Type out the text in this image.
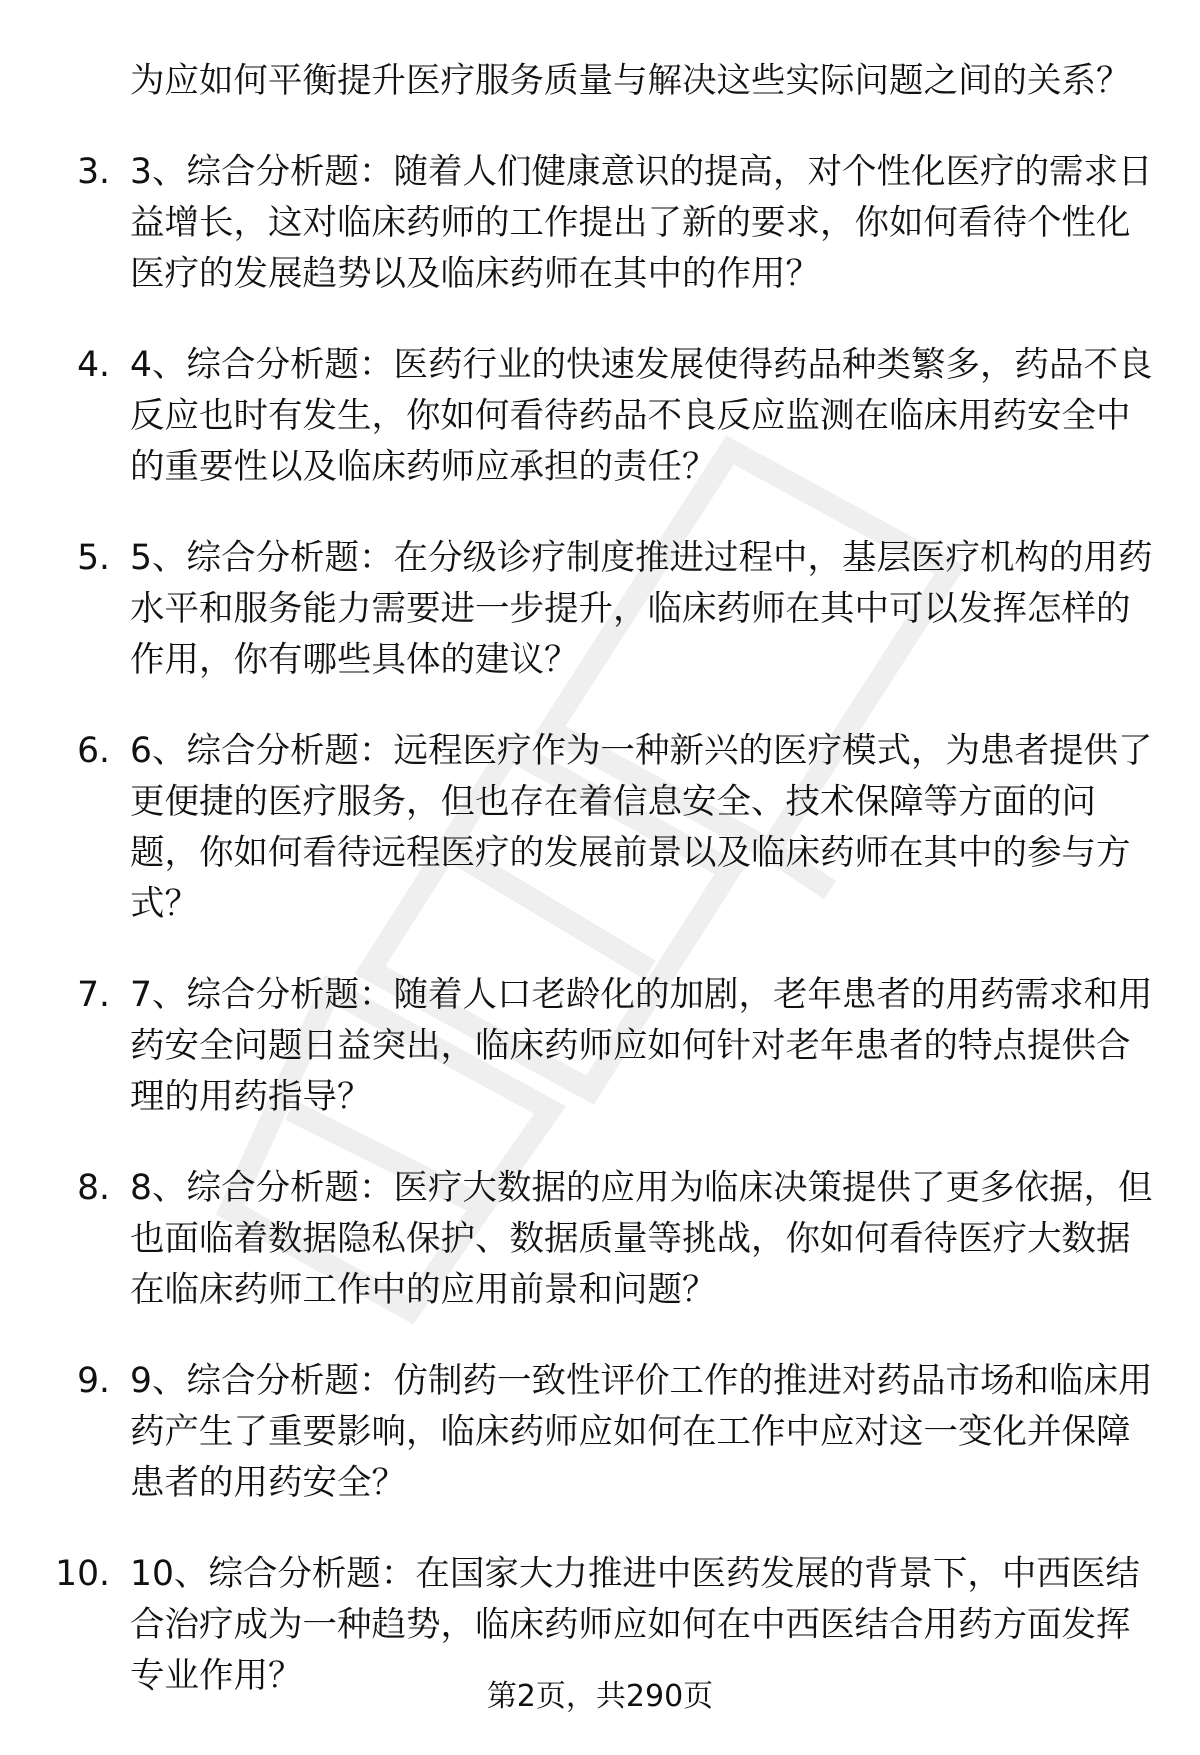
为应如何平衡提升医疗服务质量与解决这些实际问题之间的关系？
3. 3、综合分析题：随着人们健康意识的提高，对个性化医疗的需求日益增长，这对临床药师的工作提出了新的要求，你如何看待个性化医疗的发展趋势以及临床药师在其中的作用？
4. 4、综合分析题：医药行业的快速发展使得药品种类繁多，药品不良反应也时有发生，你如何看待药品不良反应监测在临床用药安全中的重要性以及临床药师应承担的责任？
5. 5、综合分析题：在分级诊疗制度推进过程中，基层医疗机构的用药水平和服务能力需要进一步提升，临床药师在其中可以发挥怎样的作用，你有哪些具体的建议？
6. 6、综合分析题：远程医疗作为一种新兴的医疗模式，为患者提供了更便捷的医疗服务，但也存在着信息安全、技术保障等方面的问题，你如何看待远程医疗的发展前景以及临床药师在其中的参与方式？
7. 7、综合分析题：随着人口老龄化的加剧，老年患者的用药需求和用药安全问题日益突出，临床药师应如何针对老年患者的特点提供合理的用药指导？
8. 8、综合分析题：医疗大数据的应用为临床决策提供了更多依据，但也面临着数据隐私保护、数据质量等挑战，你如何看待医疗大数据在临床药师工作中的应用前景和问题？
9. 9、综合分析题：仿制药一致性评价工作的推进对药品市场和临床用药产生了重要影响，临床药师应如何在工作中应对这一变化并保障患者的用药安全？
10. 10、综合分析题：在国家大力推进中医药发展的背景下，中西医结合治疗成为一种趋势，临床药师应如何在中西医结合用药方面发挥专业作用？
第2页，共290页
